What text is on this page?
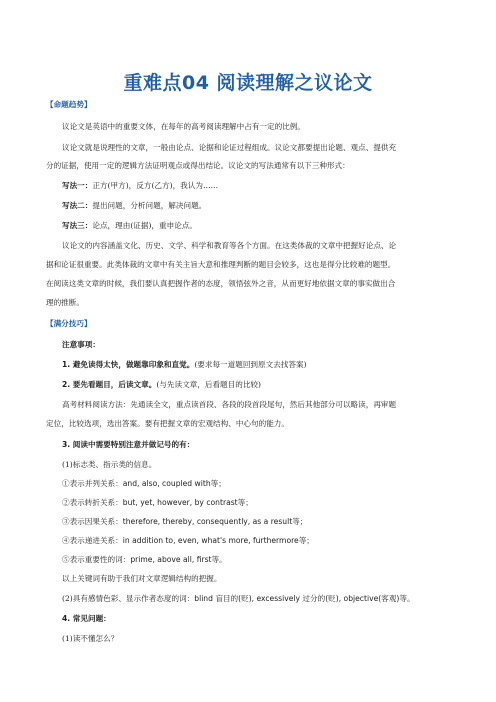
重难点04 阅读理解之议论文
【命题趋势】
议论文是英语中的重要文体，在每年的高考阅读理解中占有一定的比例。
议论文就是说理性的文章，一般由论点、论据和论证过程组成。议论文都要提出论题、观点、提供充
分的证据，使用一定的逻辑方法证明观点或得出结论。议论文的写法通常有以下三种形式：
写法一：正方(甲方)，反方(乙方)，我认为……
写法二：提出问题，分析问题，解决问题。
写法三：论点，理由(证据)，重申论点。
议论文的内容涵盖文化、历史、文学、科学和教育等各个方面。在这类体裁的文章中把握好论点、论
据和论证很重要。此类体裁的文章中有关主旨大意和推理判断的题目会较多，这也是得分比较难的题型。
在阅读这类文章的时候，我们要认真把握作者的态度，领悟弦外之音，从而更好地依据文章的事实做出合
理的推断。
【满分技巧】
注意事项：
1. 避免读得太快，做题靠印象和直觉。(要求每一道题回到原文去找答案)
2. 要先看题目，后读文章。(与先读文章，后看题目的比较)
高考材料阅读方法：先通读全文，重点读首段、各段的段首段尾句，然后其他部分可以略读，再审题
定位，比较选项，选出答案。要有把握文章的宏观结构、中心句的能力。
3. 阅读中需要特别注意并做记号的有：
(1)标志类、指示类的信息。
①表示并列关系：and, also, coupled with等；
②表示转折关系：but, yet, however, by contrast等；
③表示因果关系：therefore, thereby, consequently, as a result等；
④表示递进关系：in addition to, even, what's more, furthermore等；
⑤表示重要性的词：prime, above all, first等。
以上关键词有助于我们对文章逻辑结构的把握。
(2)具有感情色彩、显示作者态度的词：blind 盲目的(贬), excessively 过分的(贬), objective(客观)等。
4. 常见问题：
(1)读不懂怎么？
